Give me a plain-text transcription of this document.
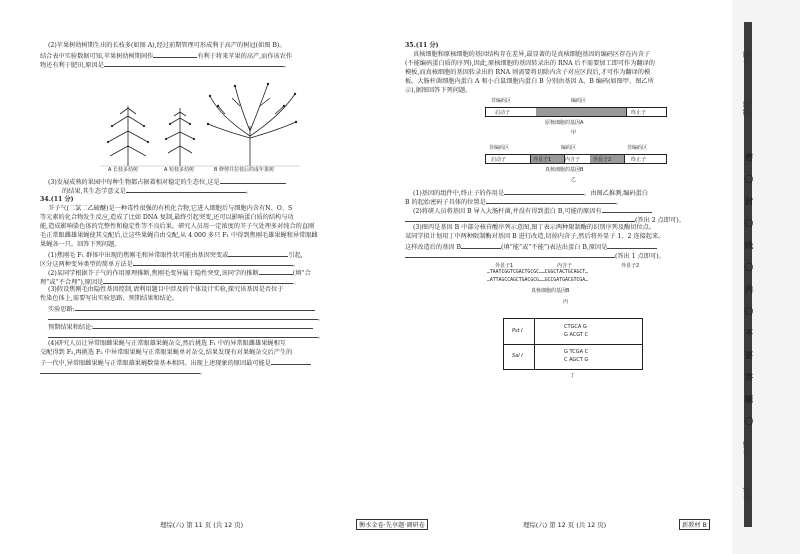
(2)苹果树幼树期生出的长枝多(如图 A),经过前期管理可形成利于高产的树冠(如图 B)。
结合表中实验数据可知,苹果树幼树期间作	有利于将来苹果的高产,而作该农作
物还有利于肥田,原因是	。
A 长枝多幼树	A 短枝多幼树	B 修剪并拉枝后的成年果树
(3)发展成熟的果园中每种生物都占据着相对稳定的生态位,这是
的结果,其生态学意义是	。
34.(11 分)
芥子气(二氯二乙硫醚)是一种毒性很强的有机化合物,它进入细胞后与细胞内含有N、O、S
等元素的化合物发生反应,造成了比如 DNA 复制,最终引起突变,还可以影响蛋白质的结构与功
能,造成影响染色体的完整性和稳定性等不良后果。研究人员用一定浓度的芥子气处理多对纯合的直刚
毛正常眼雌雄果蝇使其交配后,让这些果蝇自由交配,从 4 000 多只 F₁ 中得到焦刚毛雄果蝇和异常眼雌
果蝇各一只。回答下列问题。
(1)焦刚毛 F₁ 群体中出现的焦刚毛和异常眼性状可能由基因突变或	引起,
区分这两种变异类型的简单方法是	。
(2)某同学根据芥子气的作用原理推断,焦刚毛变异属于隐性突变,该同学的推断	(填“合
理”或“不合理”),原因是	。
(3)假设焦刚毛由隐性基因控制,请利用题目中涉及的个体设计实验,探究该基因是否位于
性染色体上,需要写出实验思路、预期结果和结论。
实验思路:
。
预期结果和结论:
。
(4)研究人员让异常眼雌果蝇与正常眼雄果蝇杂交,然后挑选 F₁ 中的异常眼雌雄果蝇相互
交配得到 F₂,再挑选 F₂ 中异常眼果蝇与正常眼果蝇单对杂交,结果发现有对果蝇杂交后产生的
子一代中,异常眼雌果蝇与正常眼雄果蝇数量基本相同。出现上述现象的原因最可能是
。
理综(六) 第 11 页 (共 12 页)	衡水金卷·先享题·调研卷
35.(11 分)
真核细胞和原核细胞的基因结构存在差异,最显著的是真核细胞基因的编码区存在内含子
(不能编码蛋白质的序列),因此,原核细胞的基因转录出的 RNA 后不需要加工即可作为翻译的
模板,而真核细胞的基因转录出的 RNA 则需要将切除内含子对应区段后,才可作为翻译的模
板。大肠杆菌细胞内蛋白 A 和小白鼠细胞内蛋白 B 分别由基因 A、B 编码(如图甲、图乙所
示),据图回答下列问题。
非编码区	编码区
启动子	终止子
原核细胞的基因A
甲
非编码区	编码区	非编码区
启动子	外显子1	内含子	外显子2	终止子
真核细胞的基因B
乙
(1)基因的组件中,终止子的作用是	。由图乙推测,编码蛋白
B 的起始密码子具体的位置是	。
(2)将研人员将基因 B 导入大肠杆菌,并没有得到蛋白 B,可能的原因有
(答出 2 点即可)。
(3)图丙是基因 B 中部分核苷酸序列示意图,图丁表示两种限制酶的识别序列及酶切位点。
某同学拟计划用丁中两种限制酶对基因 B 进行改造,切掉内含子,然后将外显子 1、2 连接起来。
这样改造后的基因 B	(填“能”或“不能”)表达出蛋白 B,原因是
(答出 1 点即可)。
外显子1	内含子	外显子2
…TAATCGGTCGACTGCGC……CGGCTACTGCAGCT…
…ATTAGCCAGCTGACGCG……GCCGATGACGTCGA…
真核细胞的基因B
丙
Pst I
CTGCA G
G ACGT C
Sal I
G TCGA C
C AGCT G
丁
理综(六) 第 12 页 (共 12 页)	新教材 B
序号
班级
密
〇
封
〇
线
〇
内
〇
不
要
答
题
〇
姓名
学号
